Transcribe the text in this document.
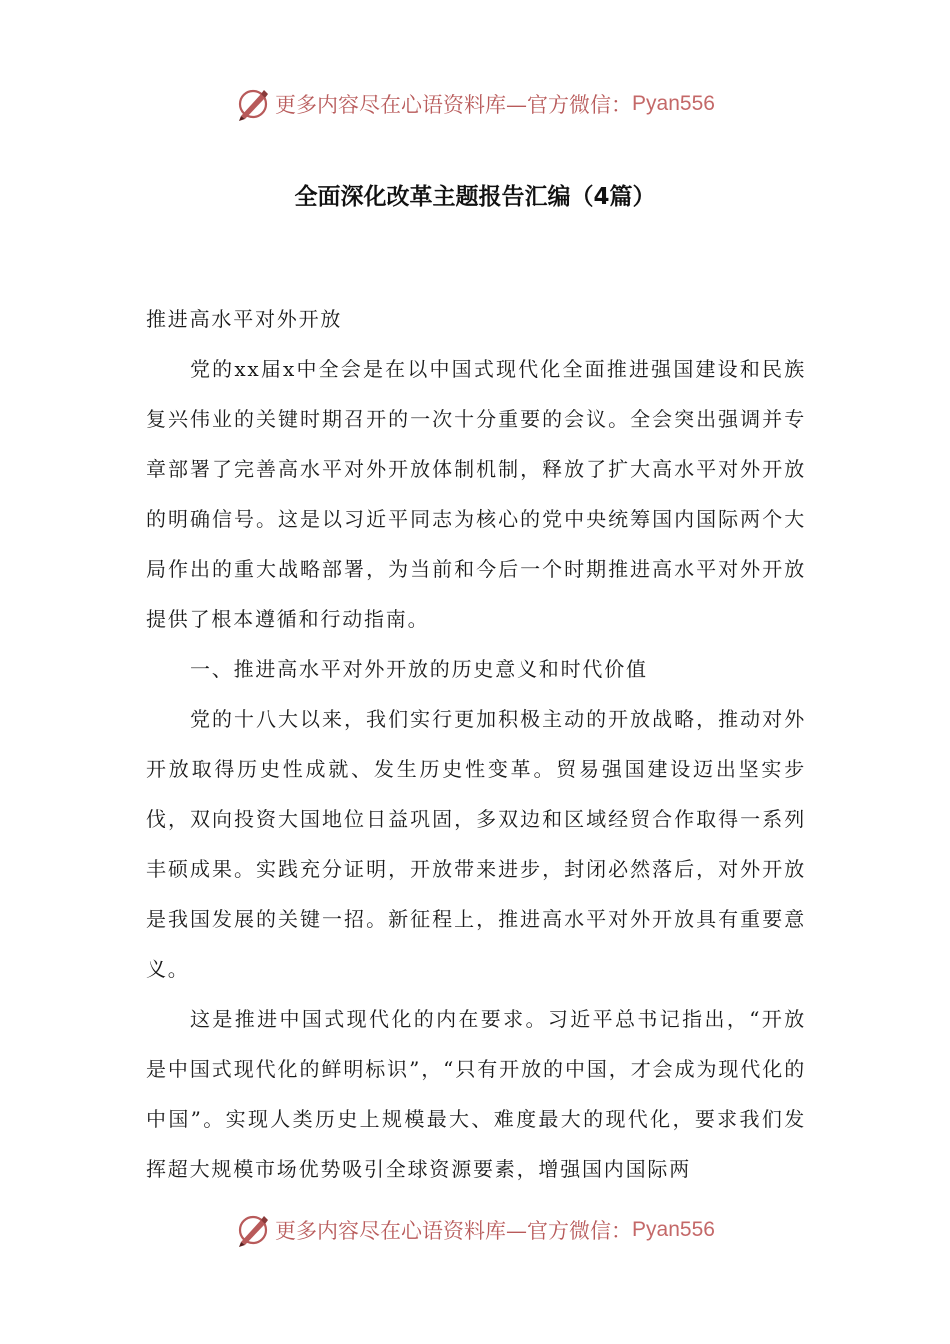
更多内容尽在心语资料库—官方微信： Pyan556
全面深化改革主题报告汇编（4篇）

推进高水平对外开放

党的xx届x中全会是在以中国式现代化全面推进强国建设和民族复兴伟业的关键时期召开的一次十分重要的会议。全会突出强调并专章部署了完善高水平对外开放体制机制，释放了扩大高水平对外开放的明确信号。这是以习近平同志为核心的党中央统筹国内国际两个大局作出的重大战略部署，为当前和今后一个时期推进高水平对外开放提供了根本遵循和行动指南。

一、推进高水平对外开放的历史意义和时代价值

党的十八大以来，我们实行更加积极主动的开放战略，推动对外开放取得历史性成就、发生历史性变革。贸易强国建设迈出坚实步伐，双向投资大国地位日益巩固，多双边和区域经贸合作取得一系列丰硕成果。实践充分证明，开放带来进步，封闭必然落后，对外开放是我国发展的关键一招。新征程上，推进高水平对外开放具有重要意义。

这是推进中国式现代化的内在要求。习近平总书记指出，“开放是中国式现代化的鲜明标识”，“只有开放的中国，才会成为现代化的中国”。实现人类历史上规模最大、难度最大的现代化，要求我们发挥超大规模市场优势吸引全球资源要素，增强国内国际两

更多内容尽在心语资料库—官方微信： Pyan556
